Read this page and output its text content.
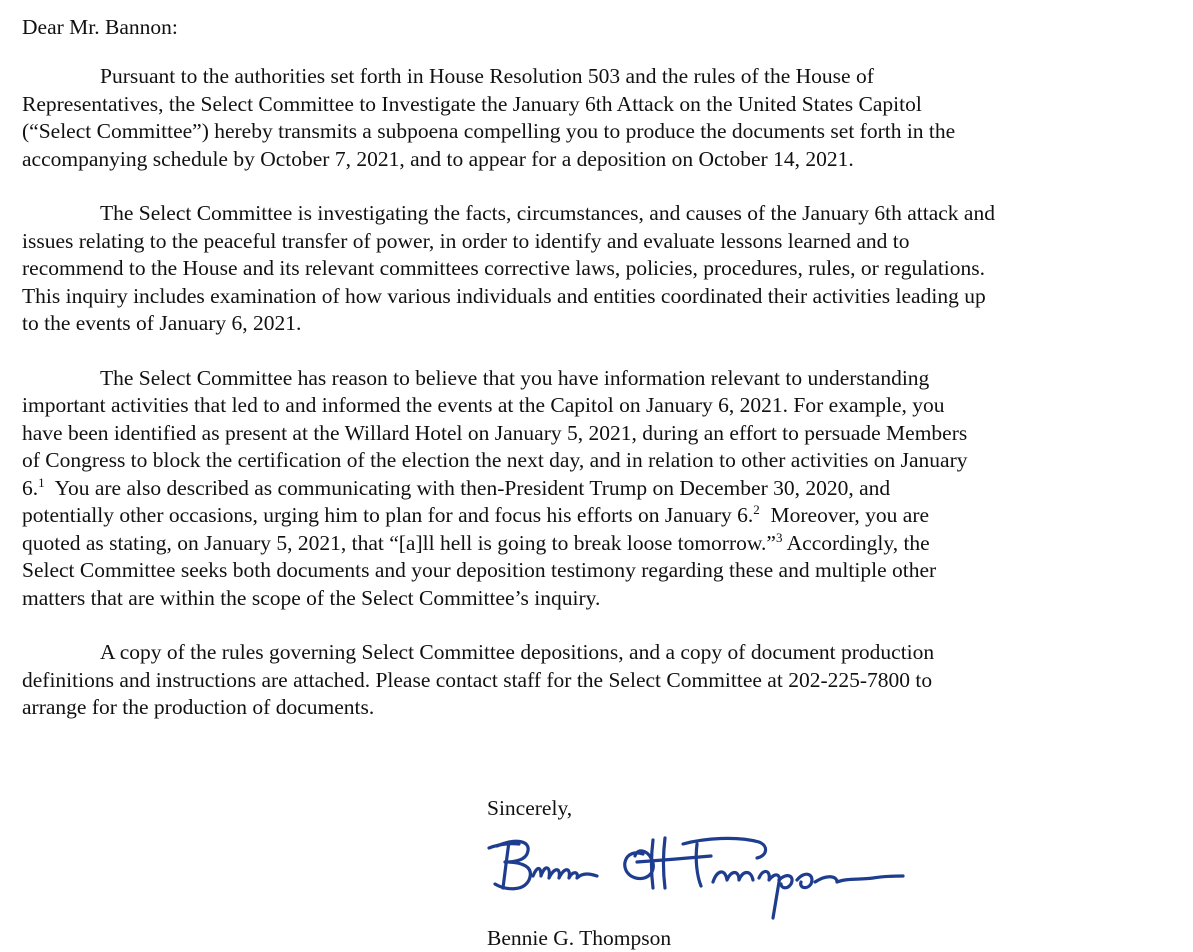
Dear Mr. Bannon:
Pursuant to the authorities set forth in House Resolution 503 and the rules of the House of
Representatives, the Select Committee to Investigate the January 6th Attack on the United States Capitol
(“Select Committee”) hereby transmits a subpoena compelling you to produce the documents set forth in the
accompanying schedule by October 7, 2021, and to appear for a deposition on October 14, 2021.
The Select Committee is investigating the facts, circumstances, and causes of the January 6th attack and
issues relating to the peaceful transfer of power, in order to identify and evaluate lessons learned and to
recommend to the House and its relevant committees corrective laws, policies, procedures, rules, or regulations.
This inquiry includes examination of how various individuals and entities coordinated their activities leading up
to the events of January 6, 2021.
The Select Committee has reason to believe that you have information relevant to understanding
important activities that led to and informed the events at the Capitol on January 6, 2021. For example, you
have been identified as present at the Willard Hotel on January 5, 2021, during an effort to persuade Members
of Congress to block the certification of the election the next day, and in relation to other activities on January
6.$^1$  You are also described as communicating with then-President Trump on December 30, 2020, and
potentially other occasions, urging him to plan for and focus his efforts on January 6.$^2$  Moreover, you are
quoted as stating, on January 5, 2021, that “[a]ll hell is going to break loose tomorrow.”$^3$ Accordingly, the
Select Committee seeks both documents and your deposition testimony regarding these and multiple other
matters that are within the scope of the Select Committee’s inquiry.
A copy of the rules governing Select Committee depositions, and a copy of document production
definitions and instructions are attached. Please contact staff for the Select Committee at 202-225-7800 to
arrange for the production of documents.
Sincerely,
Bennie G. Thompson
